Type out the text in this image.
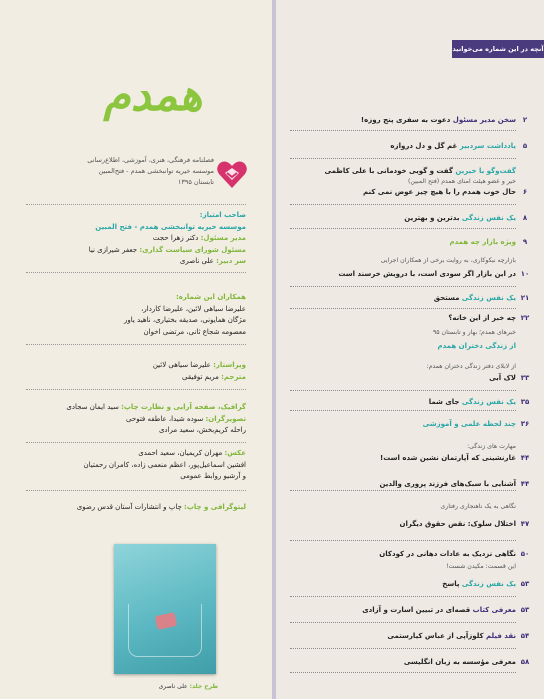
همدم
فصلنامه فرهنگی، هنری، آموزشی، اطلاع‌رسانی
موسسه خیریه توانبخشی همدم - فتح‌المبین
تابستان ۱۳۹۵
صاحب امتیاز:
موسسه خیریه توانبخشی همدم - فتح المبین
مدیر مسئول: دکتر زهرا حجت
مسئول شورای سیاست گذاری: جعفر شیرازی نیا
سر دبیر: علی ناصری
همکاران این شماره:
علیرضا سیاهی لائین، علیرضا کاردار،
مژگان همایونی، صدیقه بختیاری، ناهید یاور
معصومه شجاع ثانی، مرتضی اخوان
ویراستار: علیرضا سیاهی لائین
مترجم: مریم توفیقی
گرافیک، صفحه آرایی و نظارت چاپ: سید ایمان سجادی
تصویرگران: سوده شیدا، عاطفه فتوحی
راحله کریم‌بخش، سعید مرادی
عکس: مهران کریمیان، سعید احمدی
افشین اسماعیل‌پور، اعظم منعمی زاده، کامران رحمتیان
و آرشیو روابط عمومی
لیتوگرافی و چاپ: چاپ و انتشارات آستان قدس رضوی
طرح جلد: علی ناصری
آنچه در این شماره می‌خوانید
۲
سخن مدیر مسئول دعوت به سفری پنج روزه!
۵
یادداشت سردبیر غم گل و دل دروازه
خیر و عضو هیئت امنای همدم (فتح المبین)
گفت‌وگو با خیرین گفت و گویی خودمانی با علی کاظمی
۶
حال خوب همدم را با هیچ چیز عوض نمی کنم
۸
یک نفس زندگی بدترین و بهترین
۹
ویژه بازار چه همدم
بازارچه نیکوکاری، به روایت برخی از همکاران اجرایی
۱۰
در این بازار اگر سودی است، با درویش خرسند است
۲۱
یک نفس زندگی مستحق
۲۲
چه خبر از این خانه؟
خبرهای همدم؛ بهار و تابستان ۹۵
از زندگی دختران همدم
از لابلای دفتر زندگی دختران همدم:
۳۳
لاک آبی
۳۵
یک نفس زندگی جای شما
۳۶
چند لحظه علمی و آموزشی
مهارت های زندگی:
۴۴
غارنشینی که آپارتمان نشین شده است!
۴۴
آشنایی با سبک‌های فرزند پروری والدین
نگاهی به یک ناهنجاری رفتاری
۴۷
اختلال سلوک: نقض حقوق دیگران
۵۰
نگاهی نزدیک به عادات دهانی در کودکان
این قسمت: مکیدن شست!
۵۳
یک نفس زندگی پاسخ
۵۳
معرفی کتاب قصه‌ای در تبیین اسارت و آزادی
۵۴
نقد فیلم کلوزآپی از عباس کیارستمی
۵۸
معرفی مؤسسه به زبان انگلیسی
